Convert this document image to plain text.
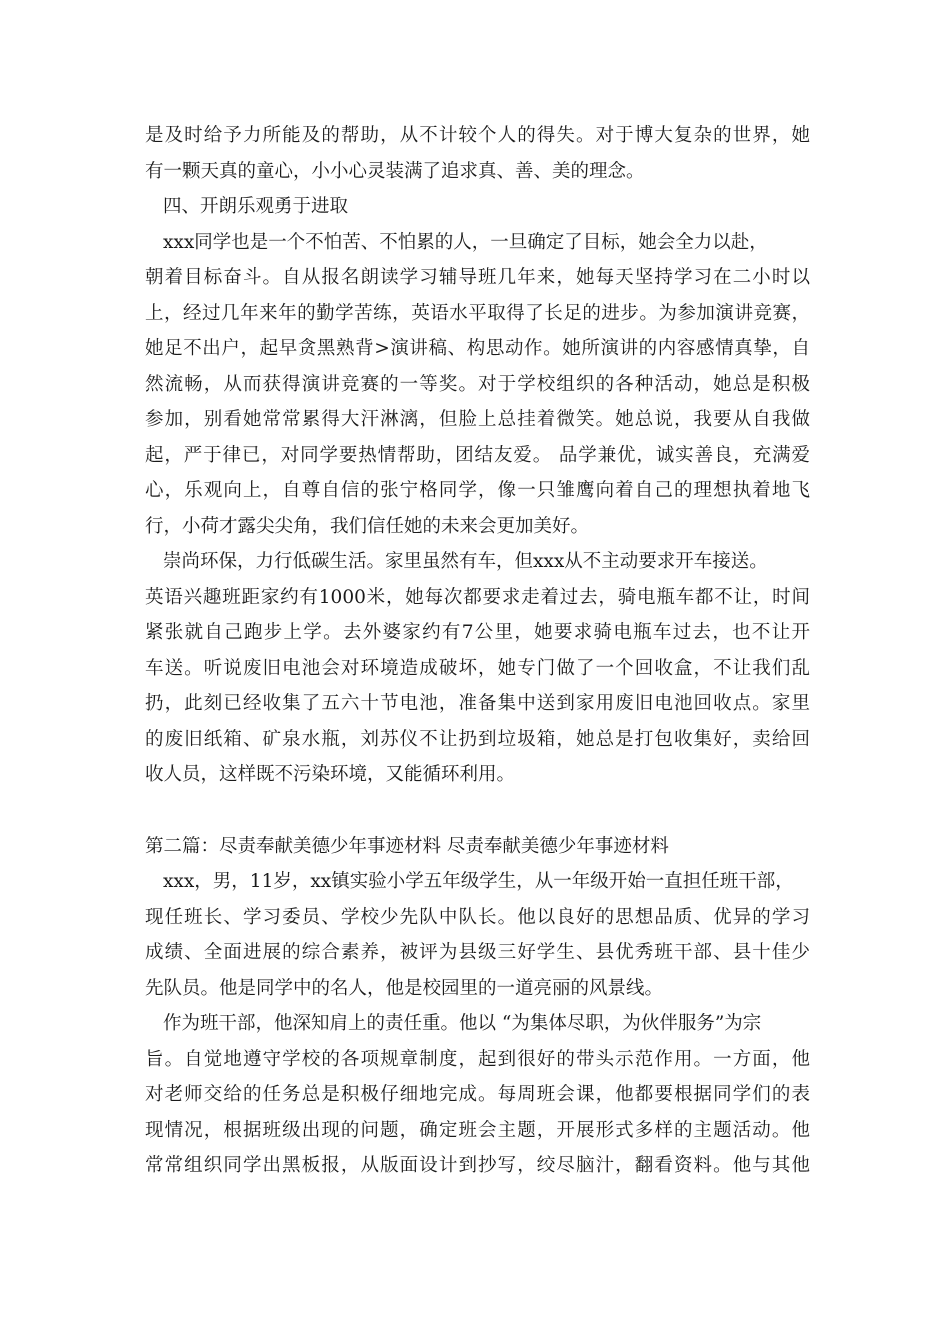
是及时给予力所能及的帮助，从不计较个人的得失。对于博大复杂的世界，她
有一颗天真的童心，小小心灵装满了追求真、善、美的理念。
四、开朗乐观勇于进取
xxx同学也是一个不怕苦、不怕累的人，一旦确定了目标，她会全力以赴，
朝着目标奋斗。自从报名朗读学习辅导班几年来，她每天坚持学习在二小时以
上，经过几年来年的勤学苦练，英语水平取得了长足的进步。为参加演讲竞赛，
她足不出户，起早贪黑熟背>演讲稿、构思动作。她所演讲的内容感情真挚，自
然流畅，从而获得演讲竞赛的一等奖。对于学校组织的各种活动，她总是积极
参加，别看她常常累得大汗淋漓，但脸上总挂着微笑。她总说，我要从自我做
起，严于律已，对同学要热情帮助，团结友爱。 品学兼优，诚实善良，充满爱
心，乐观向上，自尊自信的张宁格同学，像一只雏鹰向着自己的理想执着地飞
行，小荷才露尖尖角，我们信任她的未来会更加美好。
崇尚环保，力行低碳生活。家里虽然有车，但xxx从不主动要求开车接送。
英语兴趣班距家约有1000米，她每次都要求走着过去，骑电瓶车都不让，时间
紧张就自己跑步上学。去外婆家约有7公里，她要求骑电瓶车过去，也不让开
车送。听说废旧电池会对环境造成破坏，她专门做了一个回收盒，不让我们乱
扔，此刻已经收集了五六十节电池，准备集中送到家用废旧电池回收点。家里
的废旧纸箱、矿泉水瓶，刘苏仪不让扔到垃圾箱，她总是打包收集好，卖给回
收人员，这样既不污染环境，又能循环利用。
第二篇：尽责奉献美德少年事迹材料 尽责奉献美德少年事迹材料
xxx，男，11岁，xx镇实验小学五年级学生，从一年级开始一直担任班干部，
现任班长、学习委员、学校少先队中队长。他以良好的思想品质、优异的学习
成绩、全面进展的综合素养，被评为县级三好学生、县优秀班干部、县十佳少
先队员。他是同学中的名人，他是校园里的一道亮丽的风景线。
作为班干部，他深知肩上的责任重。他以 “为集体尽职，为伙伴服务”为宗
旨。自觉地遵守学校的各项规章制度，起到很好的带头示范作用。一方面，他
对老师交给的任务总是积极仔细地完成。每周班会课，他都要根据同学们的表
现情况，根据班级出现的问题，确定班会主题，开展形式多样的主题活动。他
常常组织同学出黑板报，从版面设计到抄写，绞尽脑汁，翻看资料。他与其他
